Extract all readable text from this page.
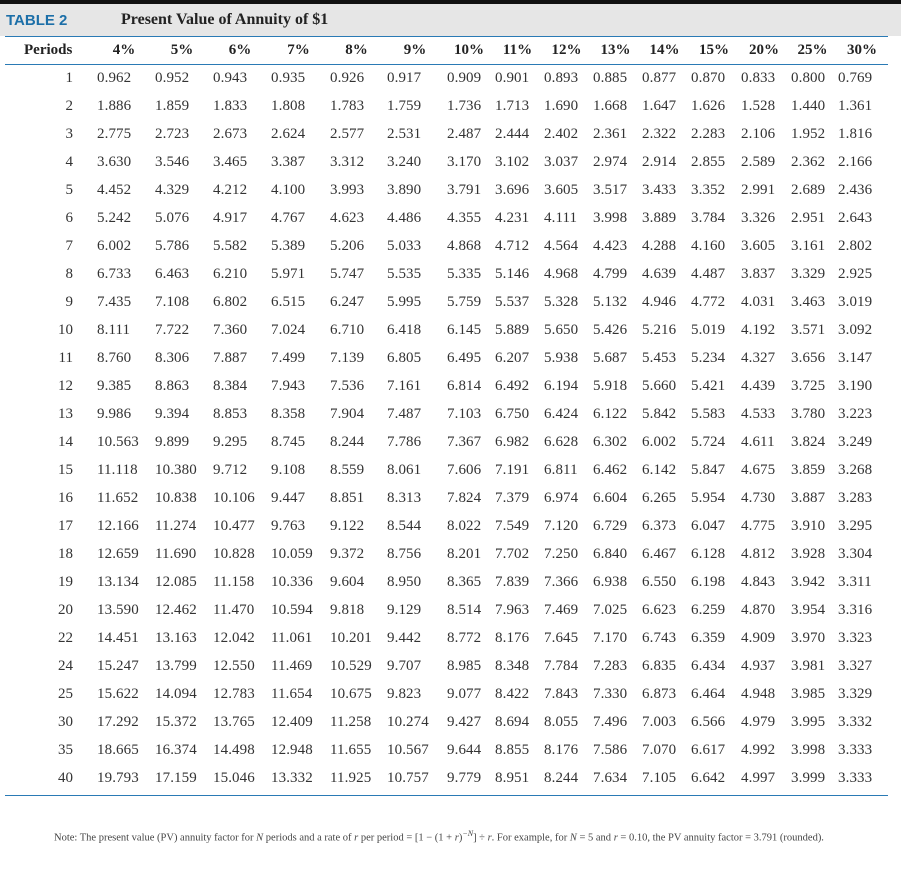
TABLE 2	Present Value of Annuity of $1
Periods	4%	5%	6%	7%	8%	9%	10%	11%	12%	13%	14%	15%	20%	25%	30%
1	0.962	0.952	0.943	0.935	0.926	0.917	0.909	0.901	0.893	0.885	0.877	0.870	0.833	0.800	0.769
2	1.886	1.859	1.833	1.808	1.783	1.759	1.736	1.713	1.690	1.668	1.647	1.626	1.528	1.440	1.361
3	2.775	2.723	2.673	2.624	2.577	2.531	2.487	2.444	2.402	2.361	2.322	2.283	2.106	1.952	1.816
4	3.630	3.546	3.465	3.387	3.312	3.240	3.170	3.102	3.037	2.974	2.914	2.855	2.589	2.362	2.166
5	4.452	4.329	4.212	4.100	3.993	3.890	3.791	3.696	3.605	3.517	3.433	3.352	2.991	2.689	2.436
6	5.242	5.076	4.917	4.767	4.623	4.486	4.355	4.231	4.111	3.998	3.889	3.784	3.326	2.951	2.643
7	6.002	5.786	5.582	5.389	5.206	5.033	4.868	4.712	4.564	4.423	4.288	4.160	3.605	3.161	2.802
8	6.733	6.463	6.210	5.971	5.747	5.535	5.335	5.146	4.968	4.799	4.639	4.487	3.837	3.329	2.925
9	7.435	7.108	6.802	6.515	6.247	5.995	5.759	5.537	5.328	5.132	4.946	4.772	4.031	3.463	3.019
10	8.111	7.722	7.360	7.024	6.710	6.418	6.145	5.889	5.650	5.426	5.216	5.019	4.192	3.571	3.092
11	8.760	8.306	7.887	7.499	7.139	6.805	6.495	6.207	5.938	5.687	5.453	5.234	4.327	3.656	3.147
12	9.385	8.863	8.384	7.943	7.536	7.161	6.814	6.492	6.194	5.918	5.660	5.421	4.439	3.725	3.190
13	9.986	9.394	8.853	8.358	7.904	7.487	7.103	6.750	6.424	6.122	5.842	5.583	4.533	3.780	3.223
14	10.563	9.899	9.295	8.745	8.244	7.786	7.367	6.982	6.628	6.302	6.002	5.724	4.611	3.824	3.249
15	11.118	10.380	9.712	9.108	8.559	8.061	7.606	7.191	6.811	6.462	6.142	5.847	4.675	3.859	3.268
16	11.652	10.838	10.106	9.447	8.851	8.313	7.824	7.379	6.974	6.604	6.265	5.954	4.730	3.887	3.283
17	12.166	11.274	10.477	9.763	9.122	8.544	8.022	7.549	7.120	6.729	6.373	6.047	4.775	3.910	3.295
18	12.659	11.690	10.828	10.059	9.372	8.756	8.201	7.702	7.250	6.840	6.467	6.128	4.812	3.928	3.304
19	13.134	12.085	11.158	10.336	9.604	8.950	8.365	7.839	7.366	6.938	6.550	6.198	4.843	3.942	3.311
20	13.590	12.462	11.470	10.594	9.818	9.129	8.514	7.963	7.469	7.025	6.623	6.259	4.870	3.954	3.316
22	14.451	13.163	12.042	11.061	10.201	9.442	8.772	8.176	7.645	7.170	6.743	6.359	4.909	3.970	3.323
24	15.247	13.799	12.550	11.469	10.529	9.707	8.985	8.348	7.784	7.283	6.835	6.434	4.937	3.981	3.327
25	15.622	14.094	12.783	11.654	10.675	9.823	9.077	8.422	7.843	7.330	6.873	6.464	4.948	3.985	3.329
30	17.292	15.372	13.765	12.409	11.258	10.274	9.427	8.694	8.055	7.496	7.003	6.566	4.979	3.995	3.332
35	18.665	16.374	14.498	12.948	11.655	10.567	9.644	8.855	8.176	7.586	7.070	6.617	4.992	3.998	3.333
40	19.793	17.159	15.046	13.332	11.925	10.757	9.779	8.951	8.244	7.634	7.105	6.642	4.997	3.999	3.333
Note: The present value (PV) annuity factor for N periods and a rate of r per period = $[1 - (1 + r)^{-N}] \div r$. For example, for N = 5 and r = 0.10, the PV annuity factor = 3.791 (rounded).
